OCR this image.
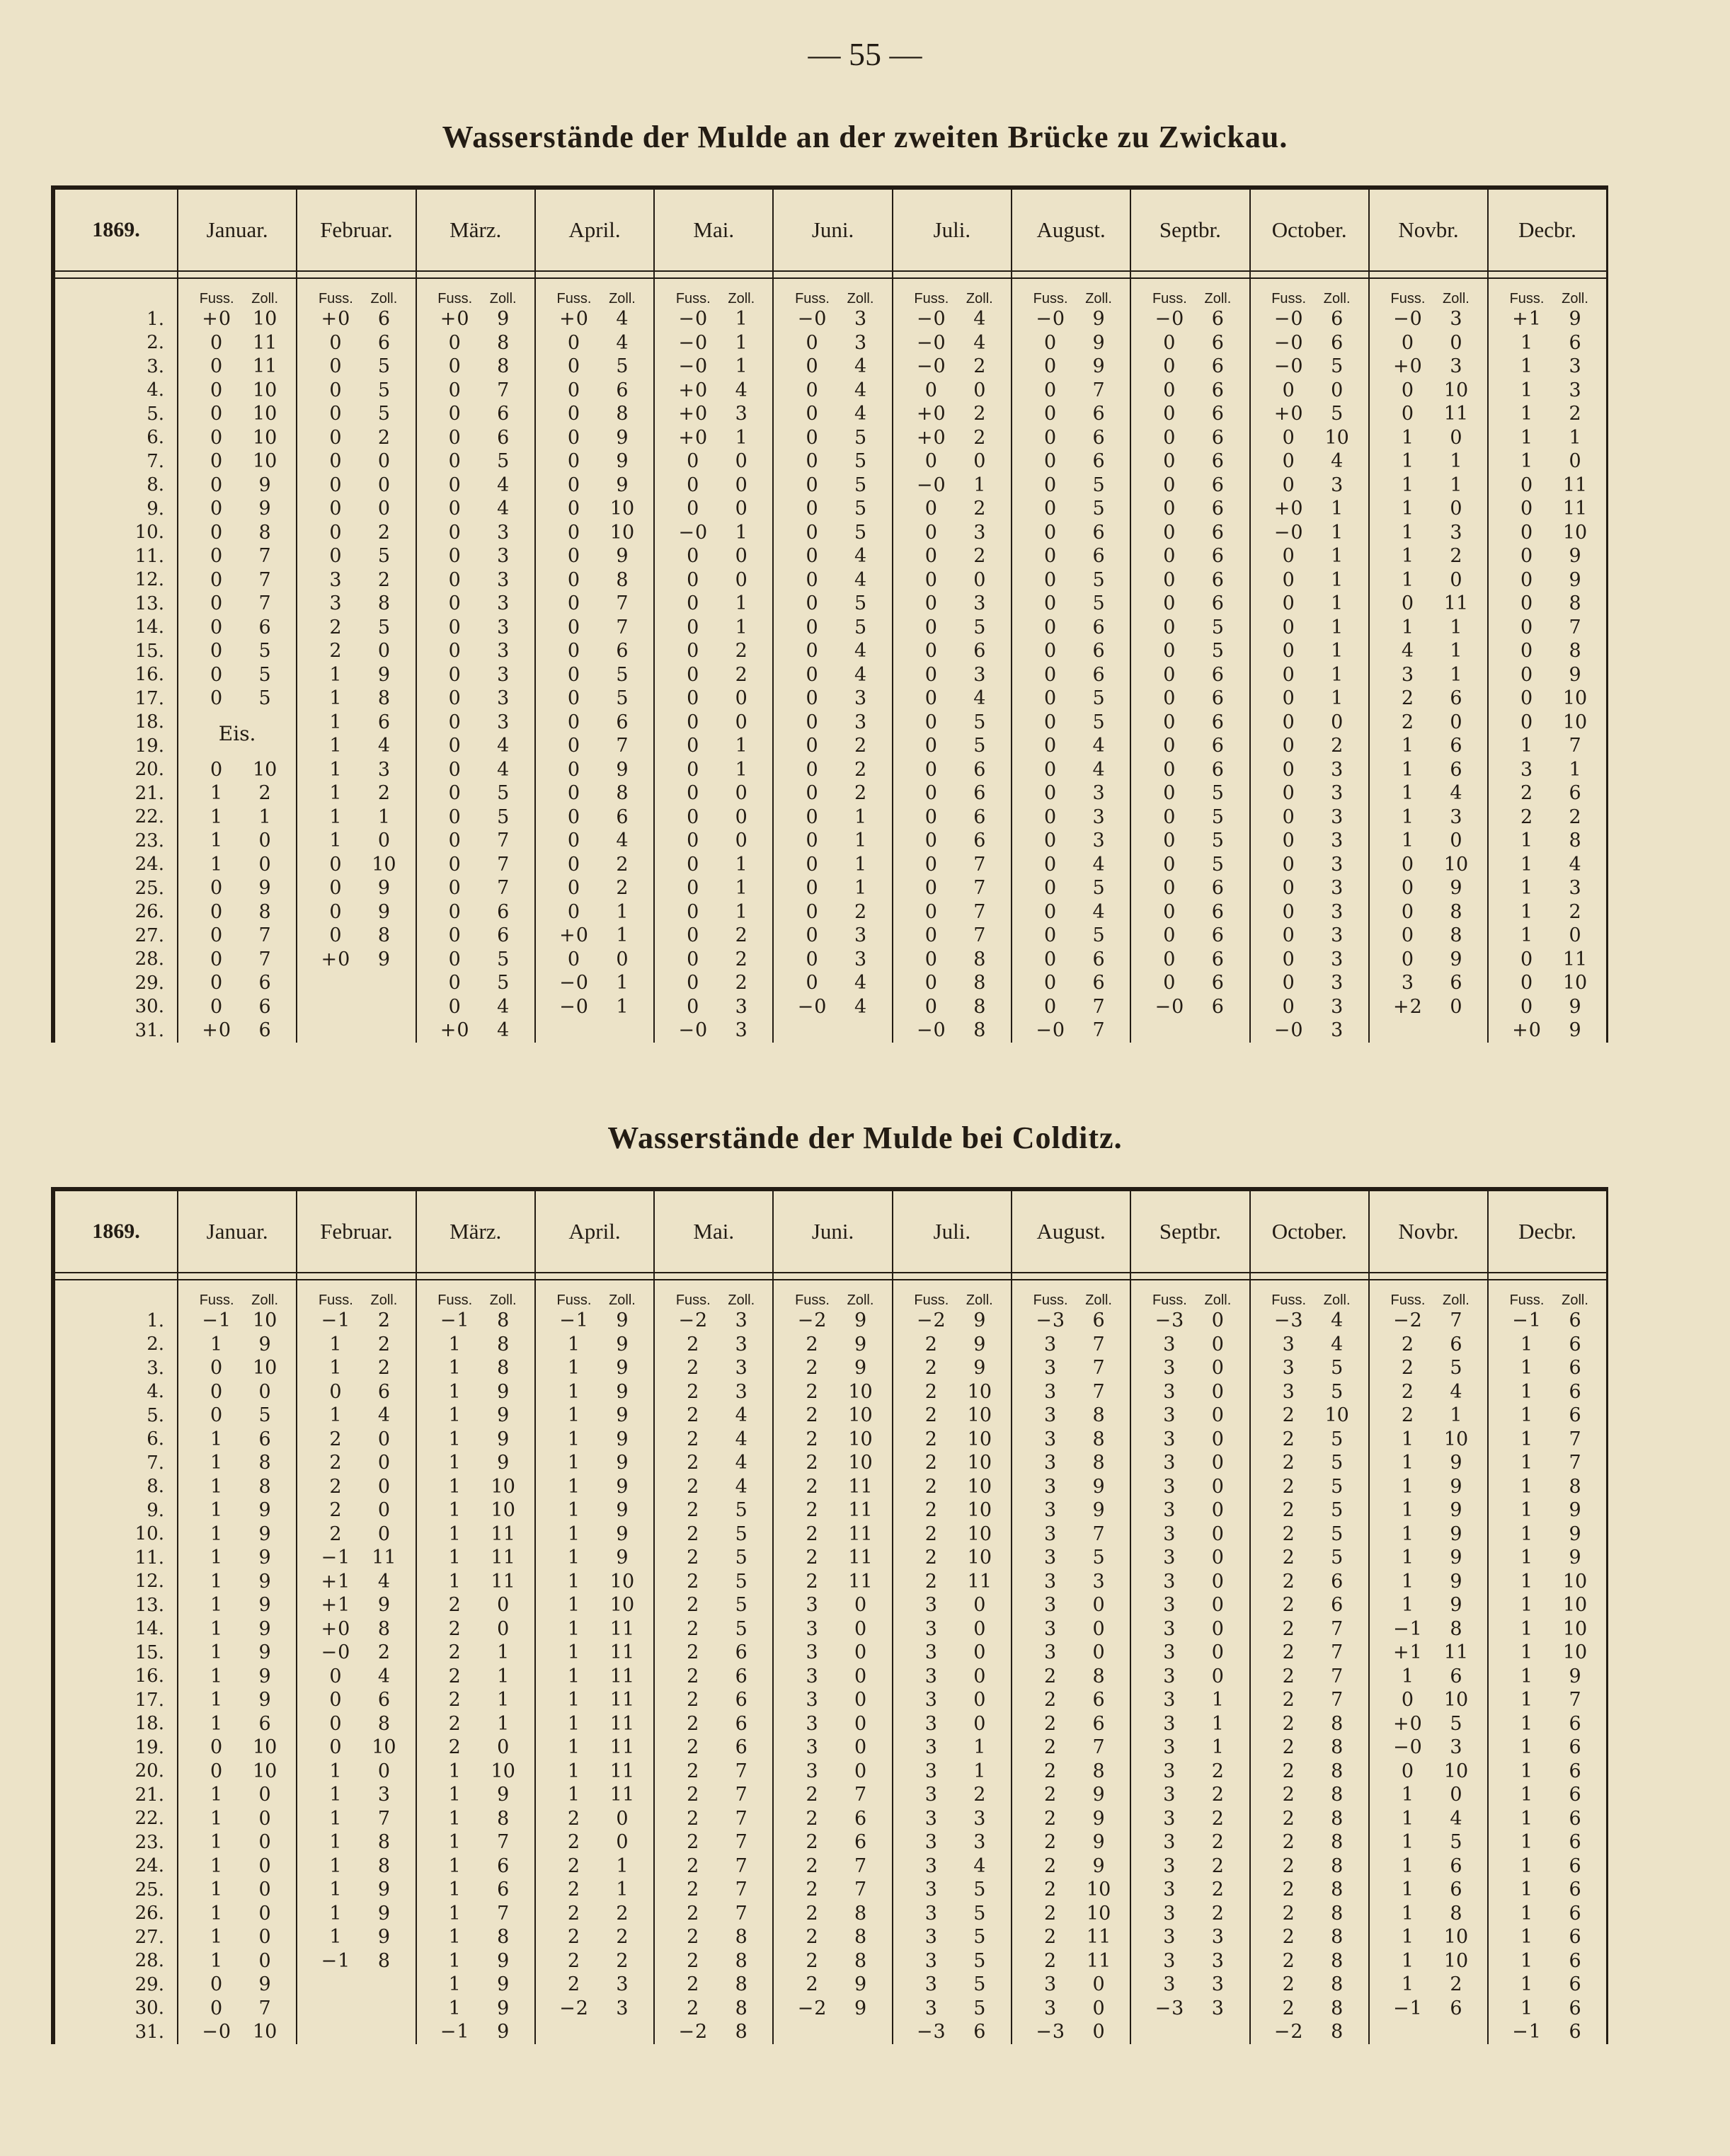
— 55 —
Wasserstände der Mulde an der zweiten Brücke zu Zwickau.
1869.	Januar.	Februar.	März.	April.	Mai.	Juni.	Juli.	August.	Septbr.	October.	Novbr.	Decbr.

	Fuss. Zoll.	Fuss. Zoll.	Fuss. Zoll.	Fuss. Zoll.	Fuss. Zoll.	Fuss. Zoll.	Fuss. Zoll.	Fuss. Zoll.	Fuss. Zoll.	Fuss. Zoll.	Fuss. Zoll.	Fuss. Zoll.

1.	+0 10	+0 6	+0 9	+0 4	−0 1	−0 3	−0 4	−0 9	−0 6	−0 6	−0 3	+1 9

2.	0 11	0 6	0 8	0 4	−0 1	0 3	−0 4	0 9	0 6	−0 6	0 0	1 6

3.	0 11	0 5	0 8	0 5	−0 1	0 4	−0 2	0 9	0 6	−0 5	+0 3	1 3

4.	0 10	0 5	0 7	0 6	+0 4	0 4	0 0	0 7	0 6	0 0	0 10	1 3

5.	0 10	0 5	0 6	0 8	+0 3	0 4	+0 2	0 6	0 6	+0 5	0 11	1 2

6.	0 10	0 2	0 6	0 9	+0 1	0 5	+0 2	0 6	0 6	0 10	1 0	1 1

7.	0 10	0 0	0 5	0 9	0 0	0 5	0 0	0 6	0 6	0 4	1 1	1 0

8.	0 9	0 0	0 4	0 9	0 0	0 5	−0 1	0 5	0 6	0 3	1 1	0 11

9.	0 9	0 0	0 4	0 10	0 0	0 5	0 2	0 5	0 6	+0 1	1 0	0 11

10.	0 8	0 2	0 3	0 10	−0 1	0 5	0 3	0 6	0 6	−0 1	1 3	0 10

11.	0 7	0 5	0 3	0 9	0 0	0 4	0 2	0 6	0 6	0 1	1 2	0 9

12.	0 7	3 2	0 3	0 8	0 0	0 4	0 0	0 5	0 6	0 1	1 0	0 9

13.	0 7	3 8	0 3	0 7	0 1	0 5	0 3	0 5	0 6	0 1	0 11	0 8

14.	0 6	2 5	0 3	0 7	0 1	0 5	0 5	0 6	0 5	0 1	1 1	0 7

15.	0 5	2 0	0 3	0 6	0 2	0 4	0 6	0 6	0 5	0 1	4 1	0 8

16.	0 5	1 9	0 3	0 5	0 2	0 4	0 3	0 6	0 6	0 1	3 1	0 9

17.	0 5	1 8	0 3	0 5	0 0	0 3	0 4	0 5	0 6	0 1	2 6	0 10

18.	Eis.	1 6	0 3	0 6	0 0	0 3	0 5	0 5	0 6	0 0	2 0	0 10

19.		1 4	0 4	0 7	0 1	0 2	0 5	0 4	0 6	0 2	1 6	1 7

20.	0 10	1 3	0 4	0 9	0 1	0 2	0 6	0 4	0 6	0 3	1 6	3 1

21.	1 2	1 2	0 5	0 8	0 0	0 2	0 6	0 3	0 5	0 3	1 4	2 6

22.	1 1	1 1	0 5	0 6	0 0	0 1	0 6	0 3	0 5	0 3	1 3	2 2

23.	1 0	1 0	0 7	0 4	0 0	0 1	0 6	0 3	0 5	0 3	1 0	1 8

24.	1 0	0 10	0 7	0 2	0 1	0 1	0 7	0 4	0 5	0 3	0 10	1 4

25.	0 9	0 9	0 7	0 2	0 1	0 1	0 7	0 5	0 6	0 3	0 9	1 3

26.	0 8	0 9	0 6	0 1	0 1	0 2	0 7	0 4	0 6	0 3	0 8	1 2

27.	0 7	0 8	0 6	+0 1	0 2	0 3	0 7	0 5	0 6	0 3	0 8	1 0

28.	0 7	+0 9	0 5	0 0	0 2	0 3	0 8	0 6	0 6	0 3	0 9	0 11

29.	0 6		0 5	−0 1	0 2	0 4	0 8	0 6	0 6	0 3	3 6	0 10

30.	0 6		0 4	−0 1	0 3	−0 4	0 8	0 7	−0 6	0 3	+2 0	0 9

31.	+0 6		+0 4		−0 3		−0 8	−0 7		−0 3		+0 9
Wasserstände der Mulde bei Colditz.
1869.	Januar.	Februar.	März.	April.	Mai.	Juni.	Juli.	August.	Septbr.	October.	Novbr.	Decbr.

	Fuss. Zoll.	Fuss. Zoll.	Fuss. Zoll.	Fuss. Zoll.	Fuss. Zoll.	Fuss. Zoll.	Fuss. Zoll.	Fuss. Zoll.	Fuss. Zoll.	Fuss. Zoll.	Fuss. Zoll.	Fuss. Zoll.

1.	−1 10	−1 2	−1 8	−1 9	−2 3	−2 9	−2 9	−3 6	−3 0	−3 4	−2 7	−1 6

2.	1 9	1 2	1 8	1 9	2 3	2 9	2 9	3 7	3 0	3 4	2 6	1 6

3.	0 10	1 2	1 8	1 9	2 3	2 9	2 9	3 7	3 0	3 5	2 5	1 6

4.	0 0	0 6	1 9	1 9	2 3	2 10	2 10	3 7	3 0	3 5	2 4	1 6

5.	0 5	1 4	1 9	1 9	2 4	2 10	2 10	3 8	3 0	2 10	2 1	1 6

6.	1 6	2 0	1 9	1 9	2 4	2 10	2 10	3 8	3 0	2 5	1 10	1 7

7.	1 8	2 0	1 9	1 9	2 4	2 10	2 10	3 8	3 0	2 5	1 9	1 7

8.	1 8	2 0	1 10	1 9	2 4	2 11	2 10	3 9	3 0	2 5	1 9	1 8

9.	1 9	2 0	1 10	1 9	2 5	2 11	2 10	3 9	3 0	2 5	1 9	1 9

10.	1 9	2 0	1 11	1 9	2 5	2 11	2 10	3 7	3 0	2 5	1 9	1 9

11.	1 9	−1 11	1 11	1 9	2 5	2 11	2 10	3 5	3 0	2 5	1 9	1 9

12.	1 9	+1 4	1 11	1 10	2 5	2 11	2 11	3 3	3 0	2 6	1 9	1 10

13.	1 9	+1 9	2 0	1 10	2 5	3 0	3 0	3 0	3 0	2 6	1 9	1 10

14.	1 9	+0 8	2 0	1 11	2 5	3 0	3 0	3 0	3 0	2 7	−1 8	1 10

15.	1 9	−0 2	2 1	1 11	2 6	3 0	3 0	3 0	3 0	2 7	+1 11	1 10

16.	1 9	0 4	2 1	1 11	2 6	3 0	3 0	2 8	3 0	2 7	1 6	1 9

17.	1 9	0 6	2 1	1 11	2 6	3 0	3 0	2 6	3 1	2 7	0 10	1 7

18.	1 6	0 8	2 1	1 11	2 6	3 0	3 0	2 6	3 1	2 8	+0 5	1 6

19.	0 10	0 10	2 0	1 11	2 6	3 0	3 1	2 7	3 1	2 8	−0 3	1 6

20.	0 10	1 0	1 10	1 11	2 7	3 0	3 1	2 8	3 2	2 8	0 10	1 6

21.	1 0	1 3	1 9	1 11	2 7	2 7	3 2	2 9	3 2	2 8	1 0	1 6

22.	1 0	1 7	1 8	2 0	2 7	2 6	3 3	2 9	3 2	2 8	1 4	1 6

23.	1 0	1 8	1 7	2 0	2 7	2 6	3 3	2 9	3 2	2 8	1 5	1 6

24.	1 0	1 8	1 6	2 1	2 7	2 7	3 4	2 9	3 2	2 8	1 6	1 6

25.	1 0	1 9	1 6	2 1	2 7	2 7	3 5	2 10	3 2	2 8	1 6	1 6

26.	1 0	1 9	1 7	2 2	2 7	2 8	3 5	2 10	3 2	2 8	1 8	1 6

27.	1 0	1 9	1 8	2 2	2 8	2 8	3 5	2 11	3 3	2 8	1 10	1 6

28.	1 0	−1 8	1 9	2 2	2 8	2 8	3 5	2 11	3 3	2 8	1 10	1 6

29.	0 9		1 9	2 3	2 8	2 9	3 5	3 0	3 3	2 8	1 2	1 6

30.	0 7		1 9	−2 3	2 8	−2 9	3 5	3 0	−3 3	2 8	−1 6	1 6

31.	−0 10		−1 9		−2 8		−3 6	−3 0		−2 8		−1 6
